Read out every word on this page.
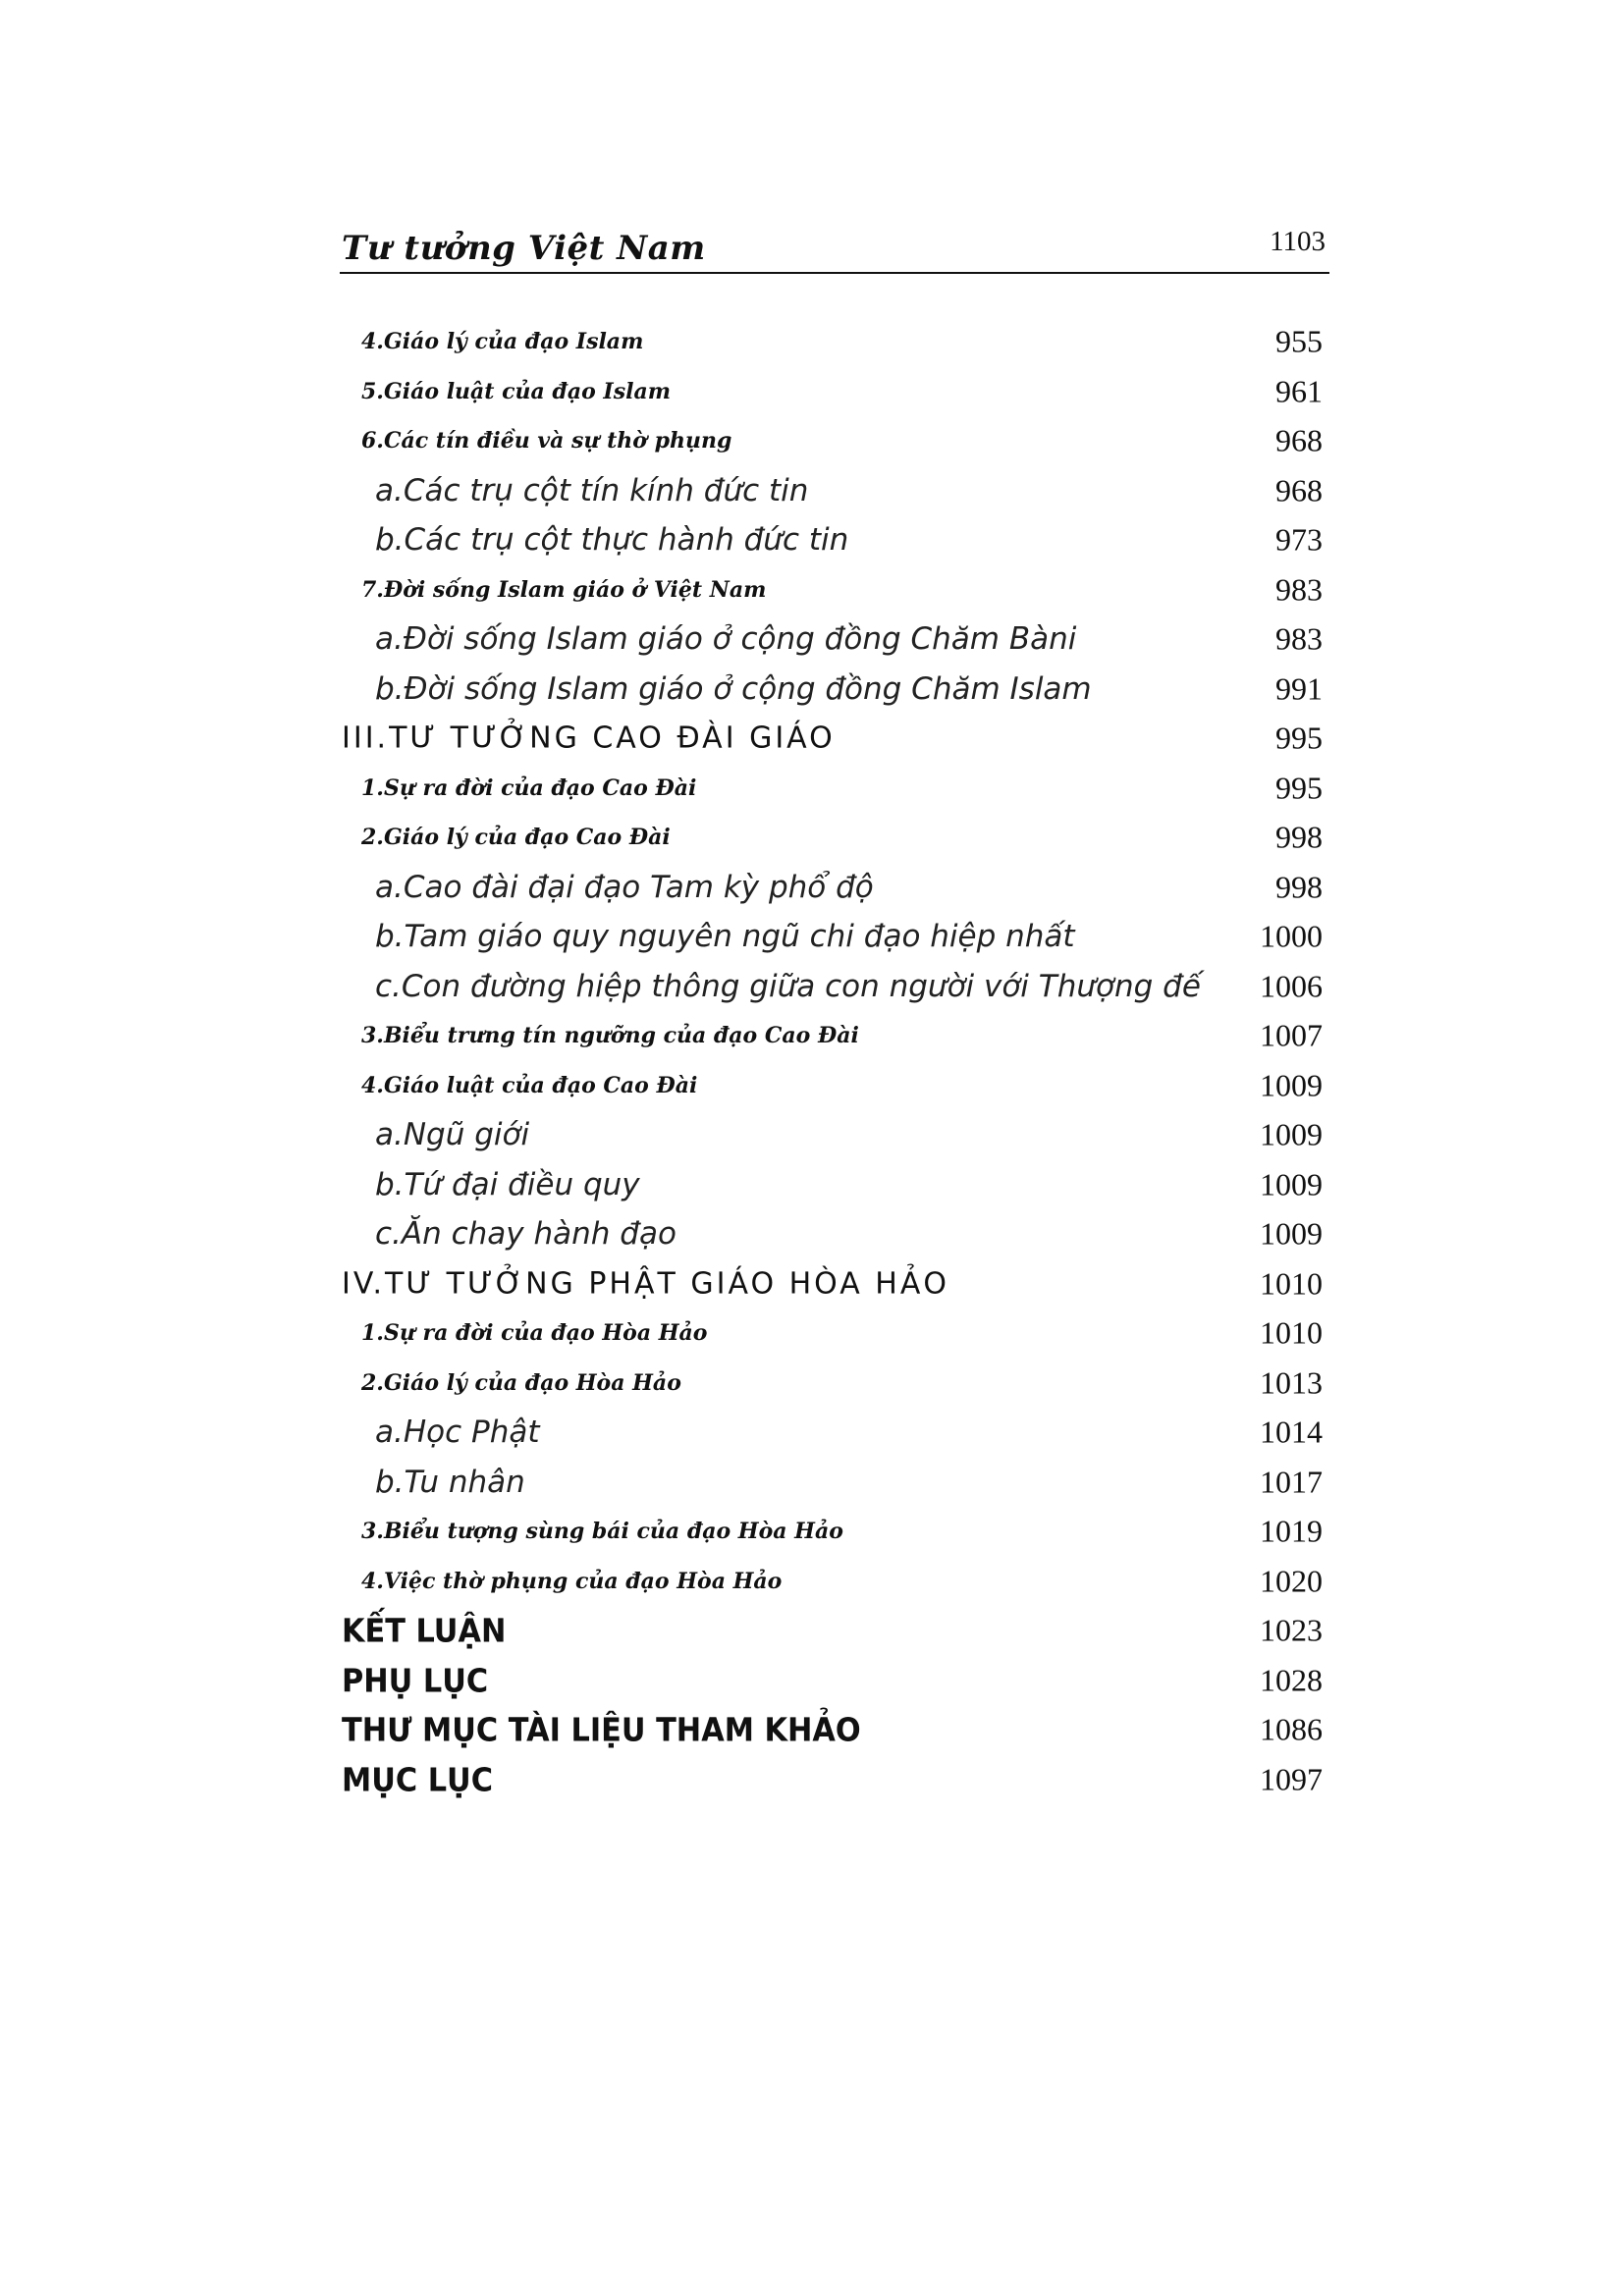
Tư tưởng Việt Nam	1103
4.Giáo lý của đạo Islam	955
5.Giáo luật của đạo Islam	961
6.Các tín điều và sự thờ phụng	968
a.Các trụ cột tín kính đức tin	968
b.Các trụ cột thực hành đức tin	973
7.Đời sống Islam giáo ở Việt Nam	983
a.Đời sống Islam giáo ở cộng đồng Chăm Bàni	983
b.Đời sống Islam giáo ở cộng đồng Chăm Islam	991
III.TƯ TƯỞNG CAO ĐÀI GIÁO	995
1.Sự ra đời của đạo Cao Đài	995
2.Giáo lý của đạo Cao Đài	998
a.Cao đài đại đạo Tam kỳ phổ độ	998
b.Tam giáo quy nguyên ngũ chi đạo hiệp nhất	1000
c.Con đường hiệp thông giữa con người với Thượng đế 1006
3.Biểu trưng tín ngưỡng của đạo Cao Đài	1007
4.Giáo luật của đạo Cao Đài	1009
a.Ngũ giới	1009
b.Tứ đại điều quy	1009
c.Ăn chay hành đạo	1009
IV.TƯ TƯỞNG PHẬT GIÁO HÒA HẢO	1010
1.Sự ra đời của đạo Hòa Hảo	1010
2.Giáo lý của đạo Hòa Hảo	1013
a.Học Phật	1014
b.Tu nhân	1017
3.Biểu tượng sùng bái của đạo Hòa Hảo	1019
4.Việc thờ phụng của đạo Hòa Hảo	1020
KẾT LUẬN	1023
PHỤ LỤC	1028
THƯ MỤC TÀI LIỆU THAM KHẢO	1086
MỤC LỤC	1097
